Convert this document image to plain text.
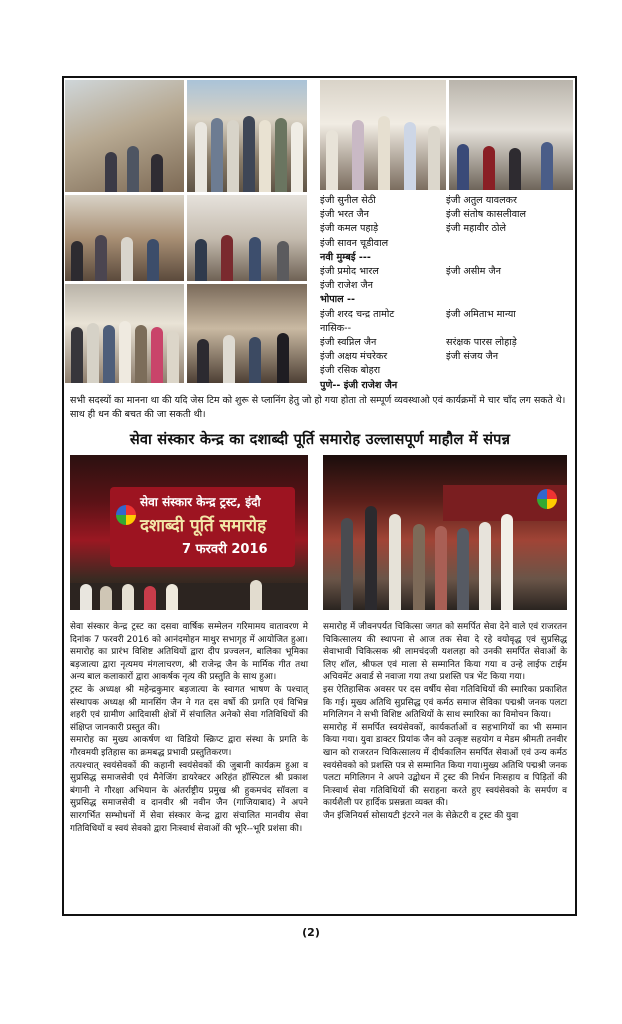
इंजी सुनील सेठी	इंजी अतुल यावलकर
इंजी भरत जैन	इंजी संतोष कासलीवाल
इंजी कमल पहाड़े	इंजी महावीर ठोले
इंजी सावन चूडीवाल
नवी मुम्बई ---
इंजी प्रमोद भारल	इंजी असीम जैन
इंजी राजेश जैन
भोपाल --
इंजी शरद चन्द्र तामोट	इंजी अमिताभ मान्या
नासिक--
इंजी स्वप्निल जैन	सरंक्षक पारस लोहाड़े
इंजी अक्षय मंचरेकर	इंजी संजय जैन
इंजी रसिक बोहरा
पुणे-- इंजी राजेश जैन
सभी सदस्यों का मानना था की यदि जेस टिम को शुरू से प्लानिंग हेतु जो हो गया होता तो सम्पूर्ण व्यवस्थाओ एवं कार्यक्रमों मे चार चाँद लग सकते थे। साथ ही धन की बचत की जा सकती थी।
सेवा संस्कार केन्द्र का दशाब्दी पूर्ति समारोह उल्लासपूर्ण माहौल में संपन्न
सेवा संस्कार केन्द्र ट्रस्ट, इंदौ
दशाब्दी पूर्ति समारोह
7 फरवरी 2016

सेवा संस्कार केन्द्र ट्रस्ट का दसवा वार्षिक सम्मेलन गरिमामय वातावरण मे दिनांक 7 फरवरी 2016 को आनंदमोहन माथुर सभागृह में आयोजित हुआ। समारोह का प्रारंभ विशिष्ट अतिथियों द्वारा दीप प्रज्वलन, बालिका भूमिका बड़जात्या द्वारा नृत्यमय मंगलाचरण, श्री राजेन्द्र जैन के मार्मिक गीत तथा अन्य बाल कलाकारों द्वारा आकर्षक नृत्य की प्रस्तुति के साथ हुआ।

ट्रस्ट के अध्यक्ष श्री महेन्द्रकुमार बड़जात्या के स्वागत भाषण के पश्चात् संस्थापक अध्यक्ष श्री मानसिंग जैन ने गत दस वर्षो की प्रगति एवं विभिन्न शहरी एवं ग्रामीण आदिवासी क्षेत्रों में संचालित अनेको सेवा गतिविधियों की संक्षिप्त जानकारी प्रस्तुत की।

समारोह का मुख्य आकर्षण था विडियो स्क्रिप्ट द्वारा संस्था के प्रगति के गौरवमयी इतिहास का क्रमबद्ध प्रभावी प्रस्तुतिकरण।

तत्पश्चात् स्वयंसेवकों की कहानी स्वयंसेवकों की जुबानी कार्यक्रम हुआ व सुप्रसिद्ध समाजसेवी एवं मैनेजिंग डायरेक्टर अरिहंत हॉस्पिटल श्री प्रकाश बंगानी ने गौरक्षा अभियान के अंतर्राष्ट्रीय प्रमुख श्री हुकमचंद सॉवला व सुप्रसिद्ध समाजसेवी व दानवीर श्री नवीन जैन (गाजियाबाद) ने अपने सारगर्भित सम्भोधनों में सेवा संस्कार केन्द्र द्वारा संचालित मानवीय सेवा गतिविधियों व स्वयं सेवको द्वारा निःस्वार्थ सेवाओं की भूरि--भूरि प्रशंसा की।

समारोह में जीवनपर्यत चिकित्सा जगत को समर्पित सेवा देने वाले एवं राजरतन चिकित्सालय की स्थापना से आज तक सेवा दे रहे वयोवृद्ध एवं सुप्रसिद्ध सेवाभावी चिकित्सक श्री लामचंदजी यशलहा को उनकी समर्पित सेवाओं के लिए शॉल, श्रीफल एवं माला से सम्मानित किया गया व उन्हे लाईफ टाईम अचिवमेंट अवार्ड से नवाजा गया तथा प्रशस्ति पत्र भेंट किया गया।

इस ऐतिहासिक अवसर पर दस वर्षीय सेवा गतिविधियों की स्मारिका प्रकाशित कि गई। मुख्य अतिथि सुप्रसिद्ध एवं कर्मठ समाज सेविका पद्मश्री जनक पलटा मगिलिगन ने सभी विशिष्ट अतिथियों के साथ स्मारिका का विमोचन किया।

समारोह में समर्पित स्वयंसेवकों, कार्यकर्ताओं व सहभागियों का भी सम्मान किया गया। युवा डाक्टर प्रियांक जैन को उत्कृष्ट सहयोग व मेडम श्रीमती तनवीर खान को राजरतन चिकित्सालय में दीर्घकालिन समर्पित सेवाओं एवं उन्य कर्मठ स्वयंसेवको को प्रशस्ति पत्र से सम्मानित किया गया।मुख्य अतिथि पद्मश्री जनक पलटा मगिलिगन ने अपने उद्बोधन में ट्रस्ट की निर्धन निःसहाय व पिड़ितों की निःस्वार्थ सेवा गतिविधियों की सराहना करते हुए स्वयंसेवको के समर्पण व कार्यशैली पर हार्दिक प्रसन्नता व्यक्त की।

जैन इंजिनियर्स सोसायटी इंटरने नल के सेक्रेटरी व ट्रस्ट की युवा

(2)
